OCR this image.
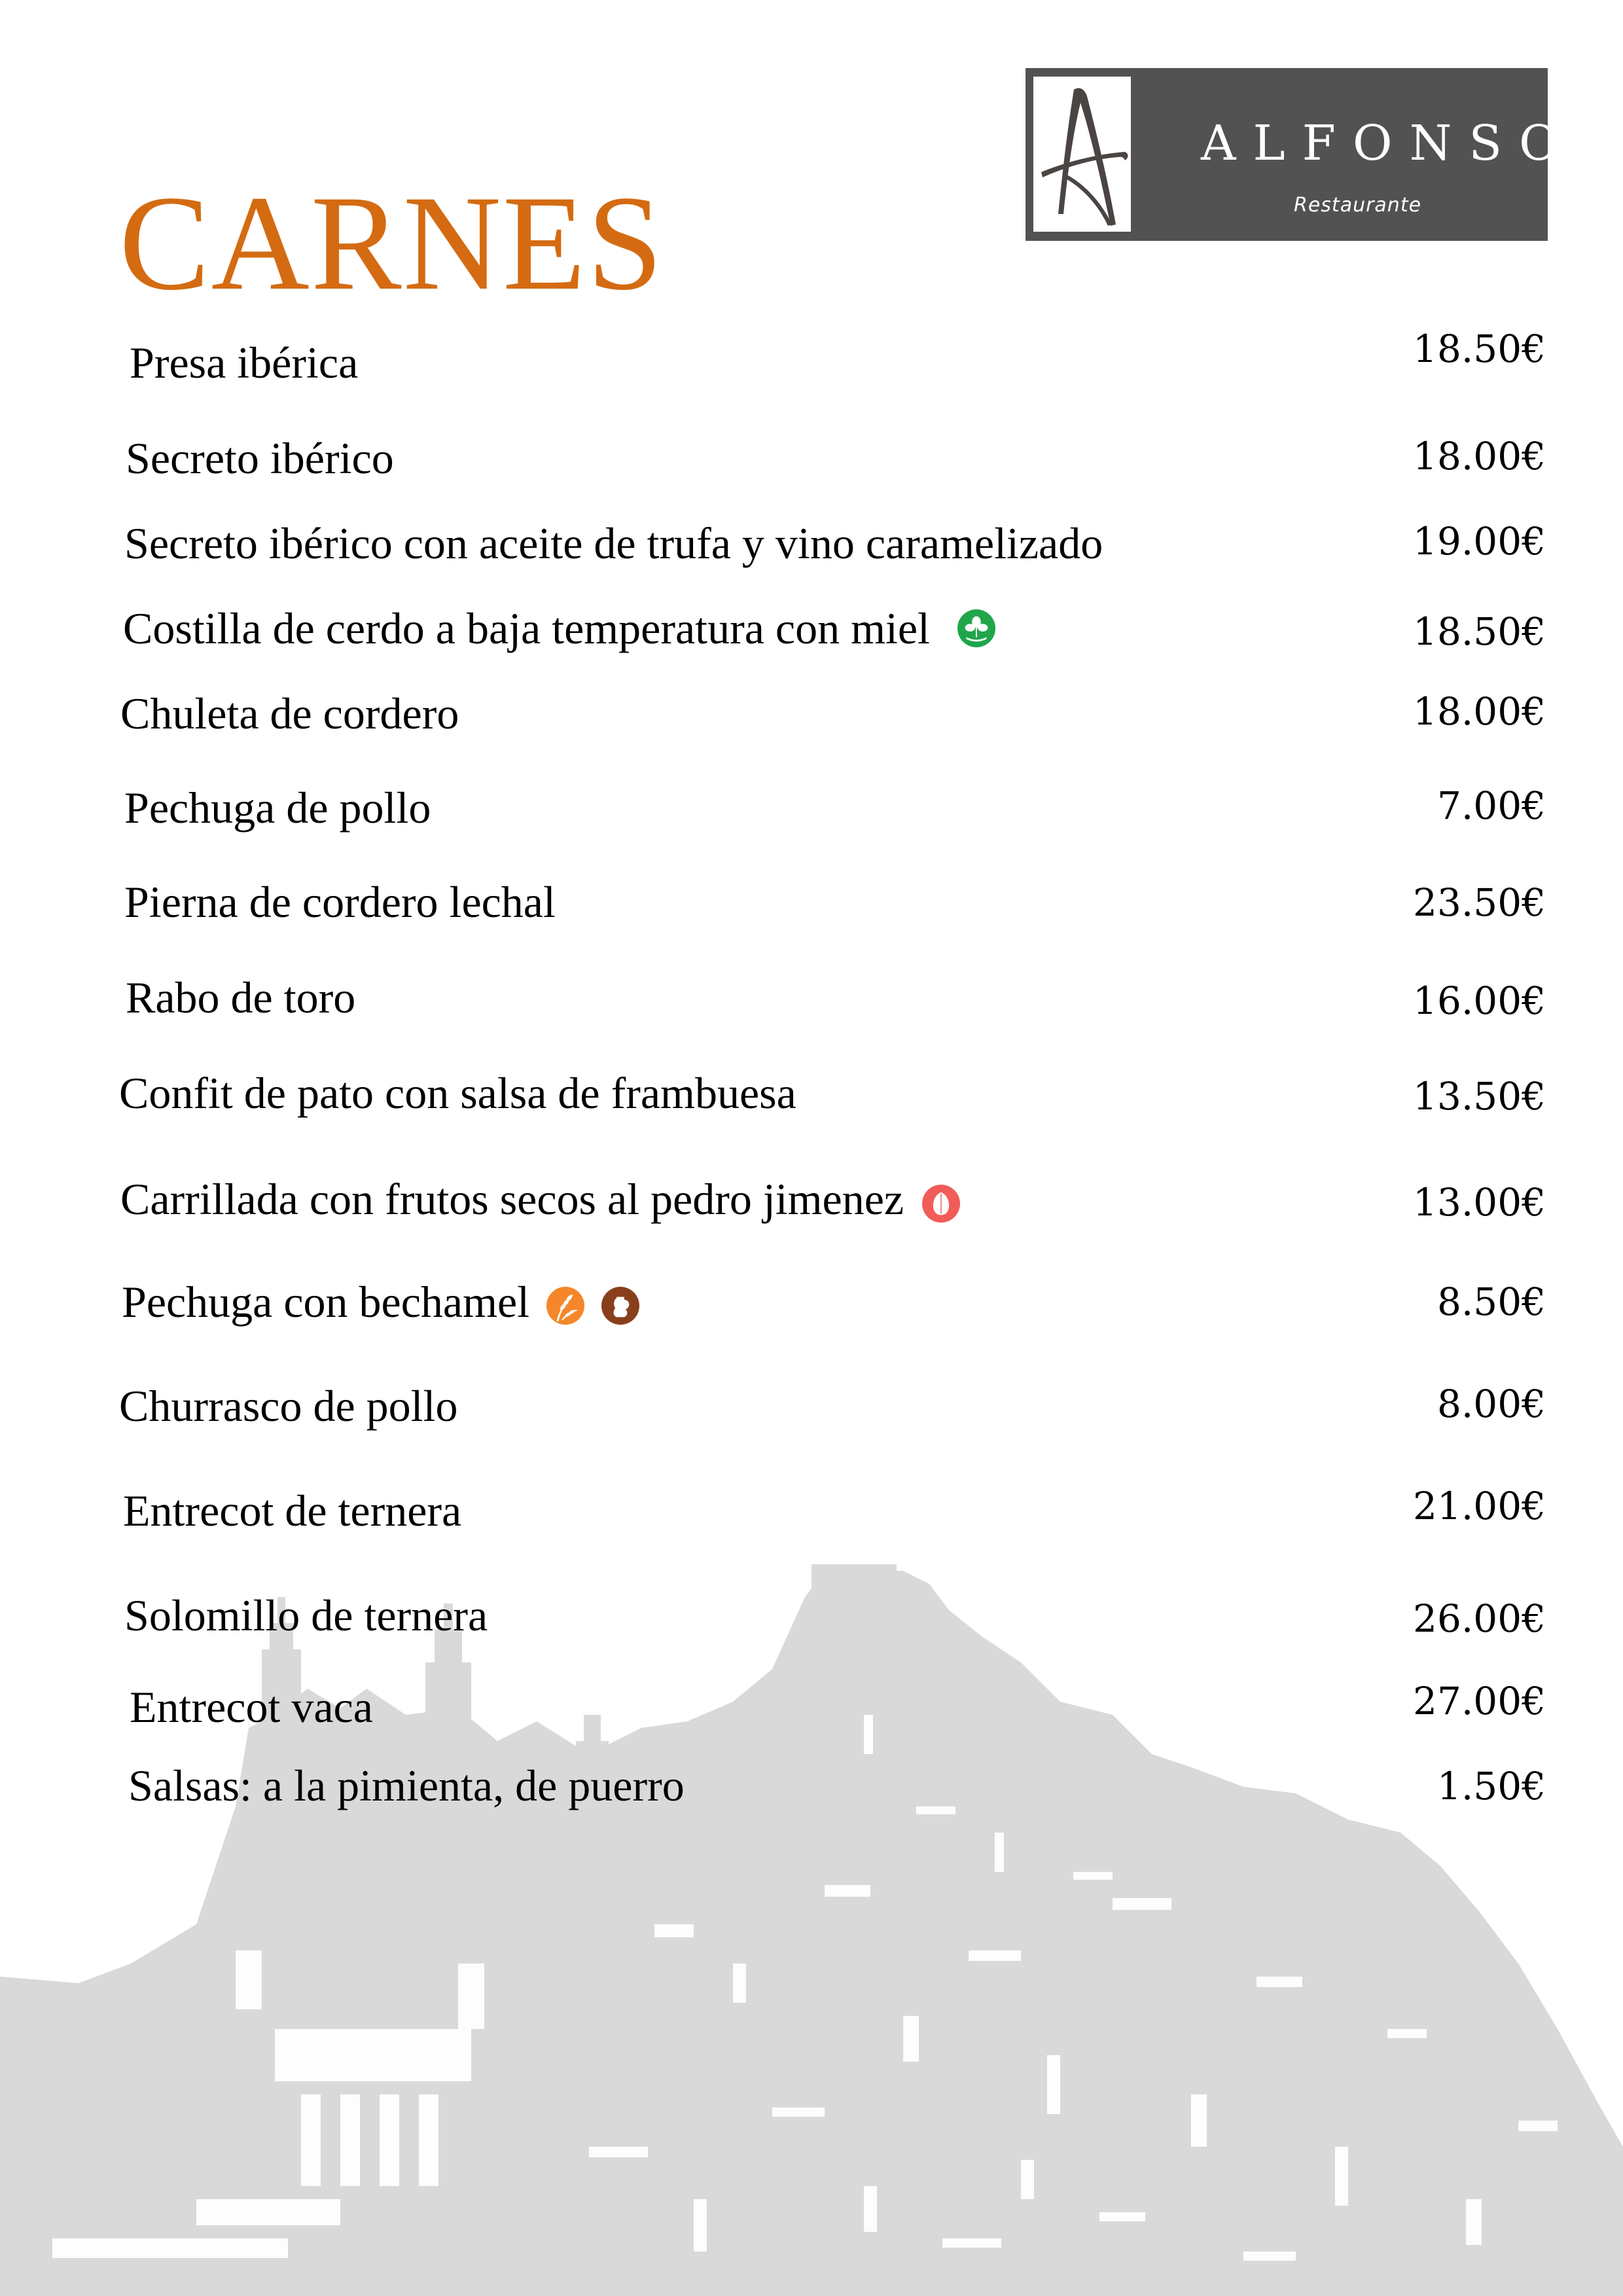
CARNES
ALFONSO
Restaurante
Presa ibérica	18.50€
Secreto ibérico	18.00€
Secreto ibérico con aceite de trufa y vino caramelizado	19.00€
Costilla de cerdo a baja temperatura con miel	18.50€
Chuleta de cordero	18.00€
Pechuga de pollo	7.00€
Pierna de cordero lechal	23.50€
Rabo de toro	16.00€
Confit de pato con salsa de frambuesa	13.50€
Carrillada con frutos secos al pedro jimenez	13.00€
Pechuga con bechamel	8.50€
Churrasco de pollo	8.00€
Entrecot de ternera	21.00€
Solomillo de ternera	26.00€
Entrecot vaca	27.00€
Salsas: a la pimienta, de puerro	1.50€
